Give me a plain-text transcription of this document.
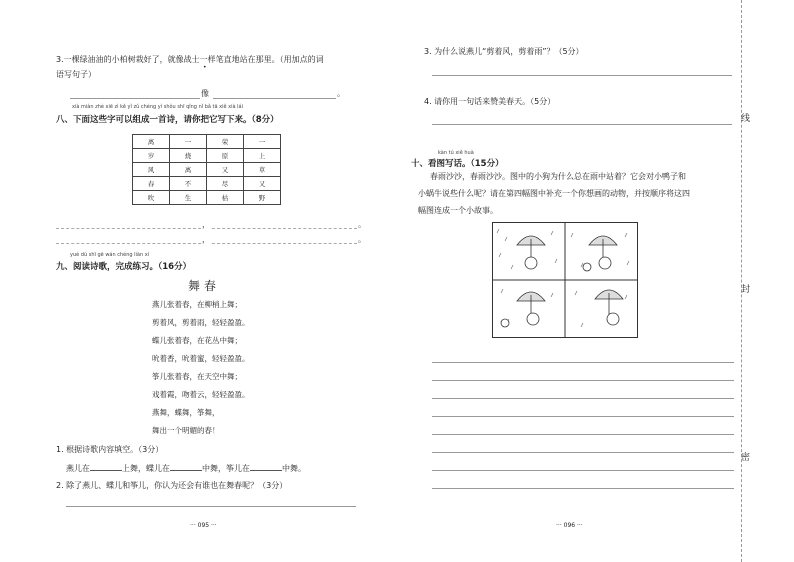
3.一棵绿油油的小柏树栽好了，就像战士一样笔直地站在那里。（用加点的词
语写句子）
•
像	。
xià miàn zhè xiē zì kě yǐ zǔ chéng yì shǒu shī qǐng nǐ bǎ tā xiě xià lái
八、下面这些字可以组成一首诗，请你把它写下来。（8分）
离	一	荣	一
岁	烧	原	上
风	离	又	草
春	不	尽	又
吹	生	枯	野
，	。
，	。
yuè dú shī gē wán chéng liàn xí
九、阅读诗歌，完成练习。（16分）
舞 春
燕儿张着春，在柳梢上舞；
剪着风，剪着雨，轻轻盈盈。
蝶儿张着春，在花丛中舞；
吮着香，吮着蜜，轻轻盈盈。
筝儿张着春，在天空中舞；
戏着霞，吻着云，轻轻盈盈。
燕舞，蝶舞，筝舞，
舞出一个明媚的春！
1. 根据诗歌内容填空。（3分）
燕儿在	上舞，蝶儿在	中舞，筝儿在	中舞。
2. 除了燕儿、蝶儿和筝儿，你认为还会有谁也在舞春呢？（3分）
··· 095 ···
3. 为什么说燕儿“剪着风，剪着雨”？（5分）
4. 请你用一句话来赞美春天。（5分）
kàn tú xiě huà
十、看图写话。（15分）
春雨沙沙，春雨沙沙。图中的小狗为什么总在雨中站着？它会对小鸭子和
小蜗牛说些什么呢？请在第四幅图中补充一个你想画的动物，并按顺序将这四
幅图连成一个小故事。
··· 096 ···
线
封
密
